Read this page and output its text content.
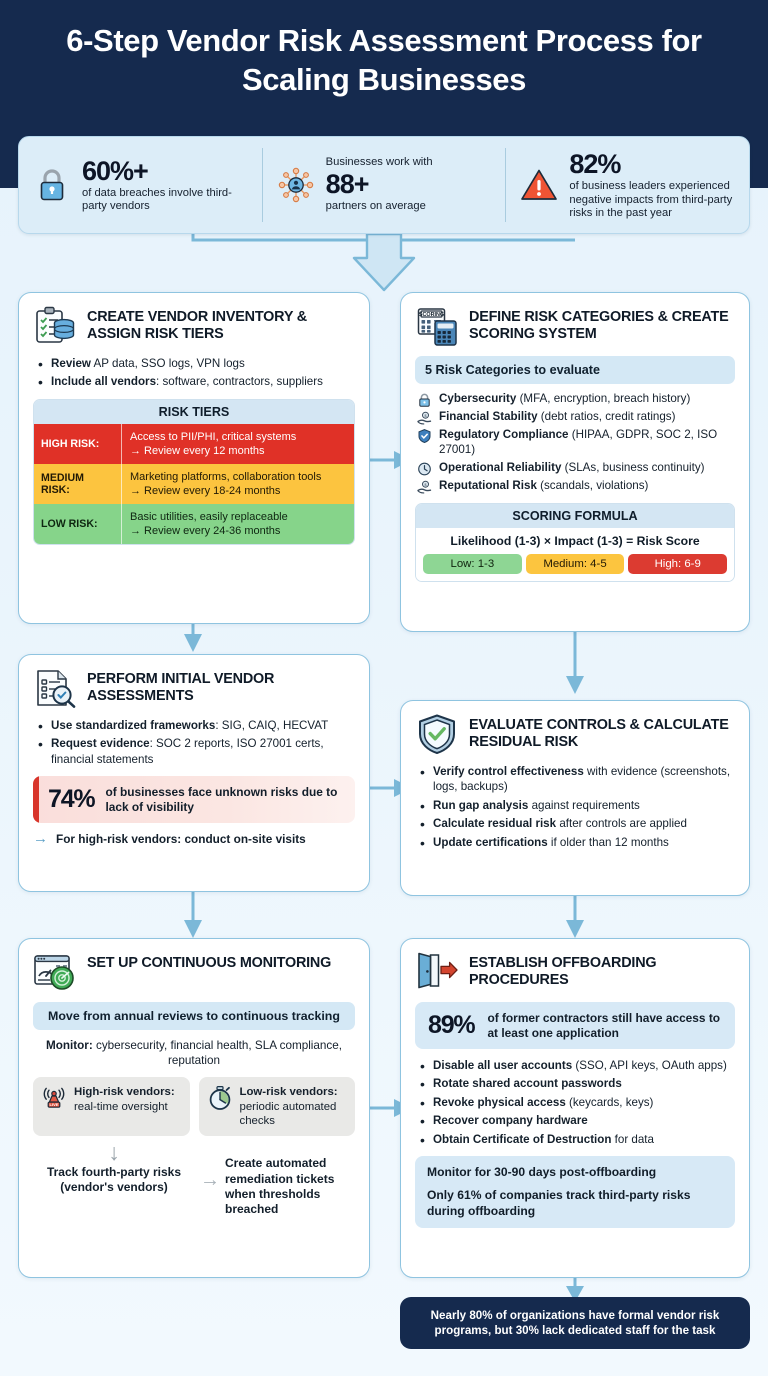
6-Step Vendor Risk Assessment Process for Scaling Businesses
60%+
of data breaches involve third-party vendors
Businesses work with
88+
partners on average
82%
of business leaders experienced negative impacts from third-party risks in the past year
CREATE VENDOR INVENTORY & ASSIGN RISK TIERS
• Review AP data, SSO logs, VPN logs
• Include all vendors: software, contractors, suppliers
RISK TIERS
HIGH RISK:
Access to PII/PHI, critical systems
→ Review every 12 months
MEDIUM RISK:
Marketing platforms, collaboration tools
→ Review every 18-24 months
LOW RISK:
Basic utilities, easily replaceable
→ Review every 24-36 months
SCORING DEFINE RISK CATEGORIES & CREATE SCORING SYSTEM
5 Risk Categories to evaluate
Cybersecurity (MFA, encryption, breach history)
$ Financial Stability (debt ratios, credit ratings)
Regulatory Compliance (HIPAA, GDPR, SOC 2, ISO 27001)
Operational Reliability (SLAs, business continuity)
$ Reputational Risk (scandals, violations)
SCORING FORMULA
Likelihood (1-3) × Impact (1-3) = Risk Score
Low: 1-3	Medium: 4-5	High: 6-9
PERFORM INITIAL VENDOR ASSESSMENTS
• Use standardized frameworks: SIG, CAIQ, HECVAT
• Request evidence: SOC 2 reports, ISO 27001 certs, financial statements
74% of businesses face unknown risks due to lack of visibility
→ For high-risk vendors: conduct on-site visits
EVALUATE CONTROLS & CALCULATE RESIDUAL RISK
• Verify control effectiveness with evidence (screenshots, logs, backups)
• Run gap analysis against requirements
• Calculate residual risk after controls are applied
• Update certifications if older than 12 months
SET UP CONTINUOUS MONITORING
Move from annual reviews to continuous tracking
Monitor: cybersecurity, financial health, SLA compliance, reputation
LIVE
High-risk vendors: real-time oversight
Low-risk vendors: periodic automated checks
↓
Track fourth-party risks (vendor's vendors)	→
Create automated remediation tickets when thresholds breached
ESTABLISH OFFBOARDING PROCEDURES
89% of former contractors still have access to at least one application
• Disable all user accounts (SSO, API keys, OAuth apps)
• Rotate shared account passwords
• Revoke physical access (keycards, keys)
• Recover company hardware
• Obtain Certificate of Destruction for data

Monitor for 30-90 days post-offboarding

Only 61% of companies track third-party risks during offboarding

Nearly 80% of organizations have formal vendor risk programs, but 30% lack dedicated staff for the task
